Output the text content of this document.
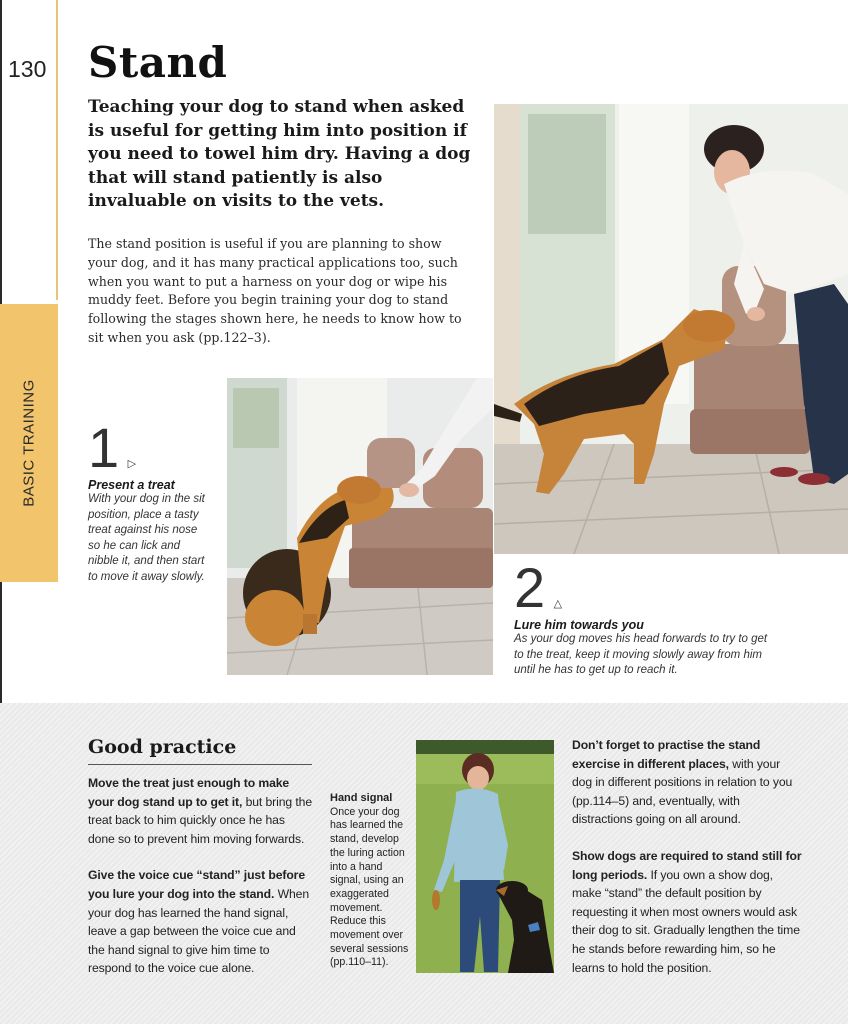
130
BASIC TRAINING
Stand

Teaching your dog to stand when asked is useful for getting him into position if you need to towel him dry. Having a dog that will stand patiently is also invaluable on visits to the vets.

The stand position is useful if you are planning to show your dog, and it has many practical applications too, such when you want to put a harness on your dog or wipe his muddy feet. Before you begin training your dog to stand following the stages shown here, he needs to know how to sit when you ask (pp.122–3).

1 ▷
Present a treat
With your dog in the sit position, place a tasty treat against his nose so he can lick and nibble it, and then start to move it away slowly.	2 △
Lure him towards you
As your dog moves his head forwards to try to get to the treat, keep it moving slowly away from him until he has to get up to reach it.
Good practice

Move the treat just enough to make your dog stand up to get it, but bring the treat back to him quickly once he has done so to prevent him moving forwards.

Give the voice cue “stand” just before you lure your dog into the stand. When your dog has learned the hand signal, leave a gap between the voice cue and the hand signal to give him time to respond to the voice cue alone.

Hand signal
Once your dog has learned the stand, develop the luring action into a hand signal, using an exaggerated movement. Reduce this movement over several sessions (pp.110–11).

Don’t forget to practise the stand exercise in different places, with your dog in different positions in relation to you (pp.114–5) and, eventually, with distractions going on all around.

Show dogs are required to stand still for long periods. If you own a show dog, make “stand” the default position by requesting it when most owners would ask their dog to sit. Gradually lengthen the time he stands before rewarding him, so he learns to hold the position.
